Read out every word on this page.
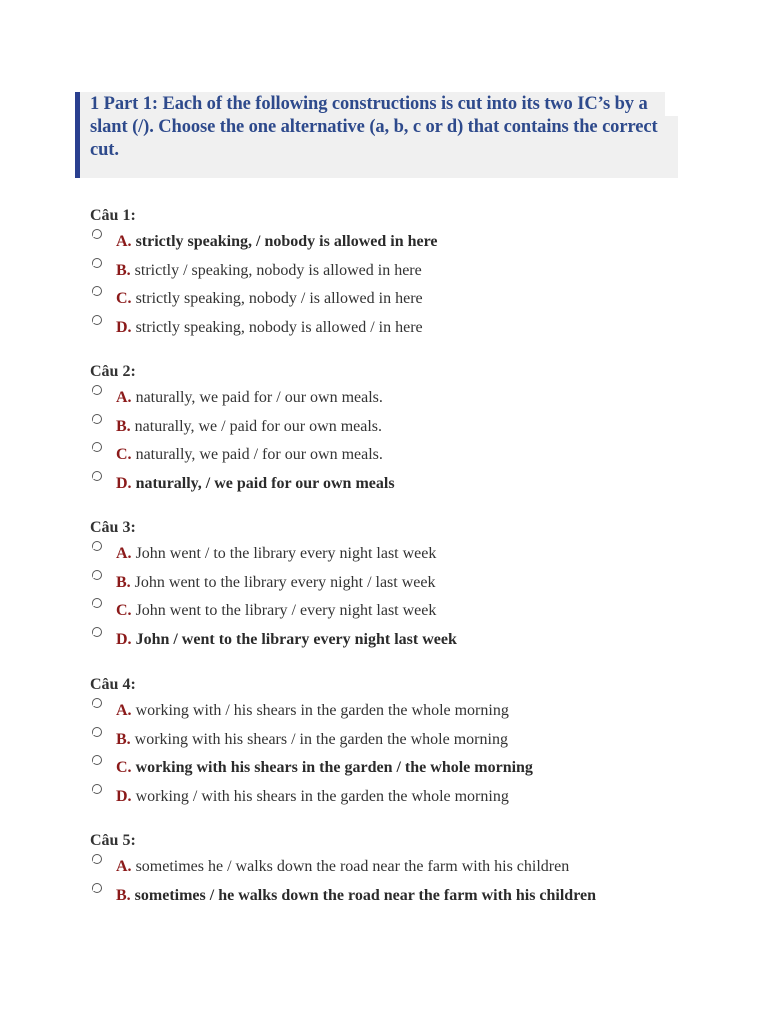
1 Part 1: Each of the following constructions is cut into its two IC’s by a slant (/). Choose the one alternative (a, b, c or d) that contains the correct cut.
Câu 1:
A. strictly speaking, / nobody is allowed in here
B. strictly / speaking, nobody is allowed in here
C. strictly speaking, nobody / is allowed in here
D. strictly speaking, nobody is allowed / in here
Câu 2:
A. naturally, we paid for / our own meals.
B. naturally, we / paid for our own meals.
C. naturally, we paid / for our own meals.
D. naturally, / we paid for our own meals
Câu 3:
A. John went / to the library every night last week
B. John went to the library every night / last week
C. John went to the library / every night last week
D. John / went to the library every night last week
Câu 4:
A. working with / his shears in the garden the whole morning
B. working with his shears / in the garden the whole morning
C. working with his shears in the garden / the whole morning
D. working / with his shears in the garden the whole morning
Câu 5:
A. sometimes he / walks down the road near the farm with his children
B. sometimes / he walks down the road near the farm with his children
